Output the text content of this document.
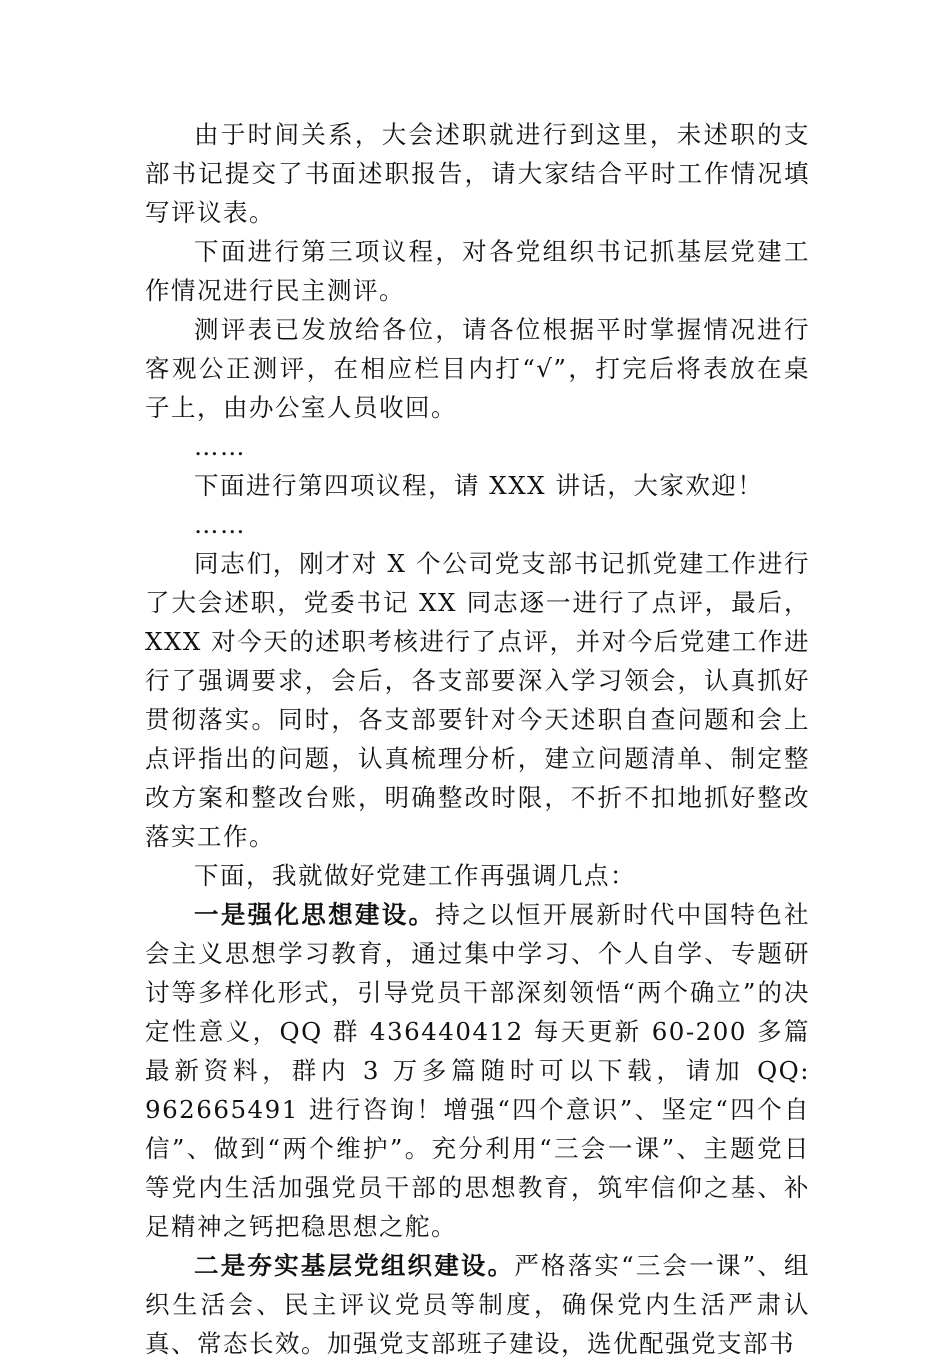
由于时间关系，大会述职就进行到这里，未述职的支部书记提交了书面述职报告，请大家结合平时工作情况填写评议表。

下面进行第三项议程，对各党组织书记抓基层党建工作情况进行民主测评。

测评表已发放给各位，请各位根据平时掌握情况进行客观公正测评，在相应栏目内打“√”，打完后将表放在桌子上，由办公室人员收回。

……

下面进行第四项议程，请 XXX 讲话，大家欢迎！

……

同志们，刚才对 X 个公司党支部书记抓党建工作进行了大会述职，党委书记 XX 同志逐一进行了点评，最后，XXX 对今天的述职考核进行了点评，并对今后党建工作进行了强调要求，会后，各支部要深入学习领会，认真抓好贯彻落实。同时，各支部要针对今天述职自查问题和会上点评指出的问题，认真梳理分析，建立问题清单、制定整改方案和整改台账，明确整改时限，不折不扣地抓好整改落实工作。

下面，我就做好党建工作再强调几点：

一是强化思想建设。持之以恒开展新时代中国特色社会主义思想学习教育，通过集中学习、个人自学、专题研讨等多样化形式，引导党员干部深刻领悟“两个确立”的决定性意义，QQ 群 436440412 每天更新 60-200 多篇最新资料，群内 3 万多篇随时可以下载，请加 QQ: 962665491 进行咨询！增强“四个意识”、坚定“四个自信”、做到“两个维护”。充分利用“三会一课”、主题党日等党内生活加强党员干部的思想教育，筑牢信仰之基、补足精神之钙把稳思想之舵。

二是夯实基层党组织建设。严格落实“三会一课”、组织生活会、民主评议党员等制度，确保党内生活严肃认真、常态长效。加强党支部班子建设，选优配强党支部书
